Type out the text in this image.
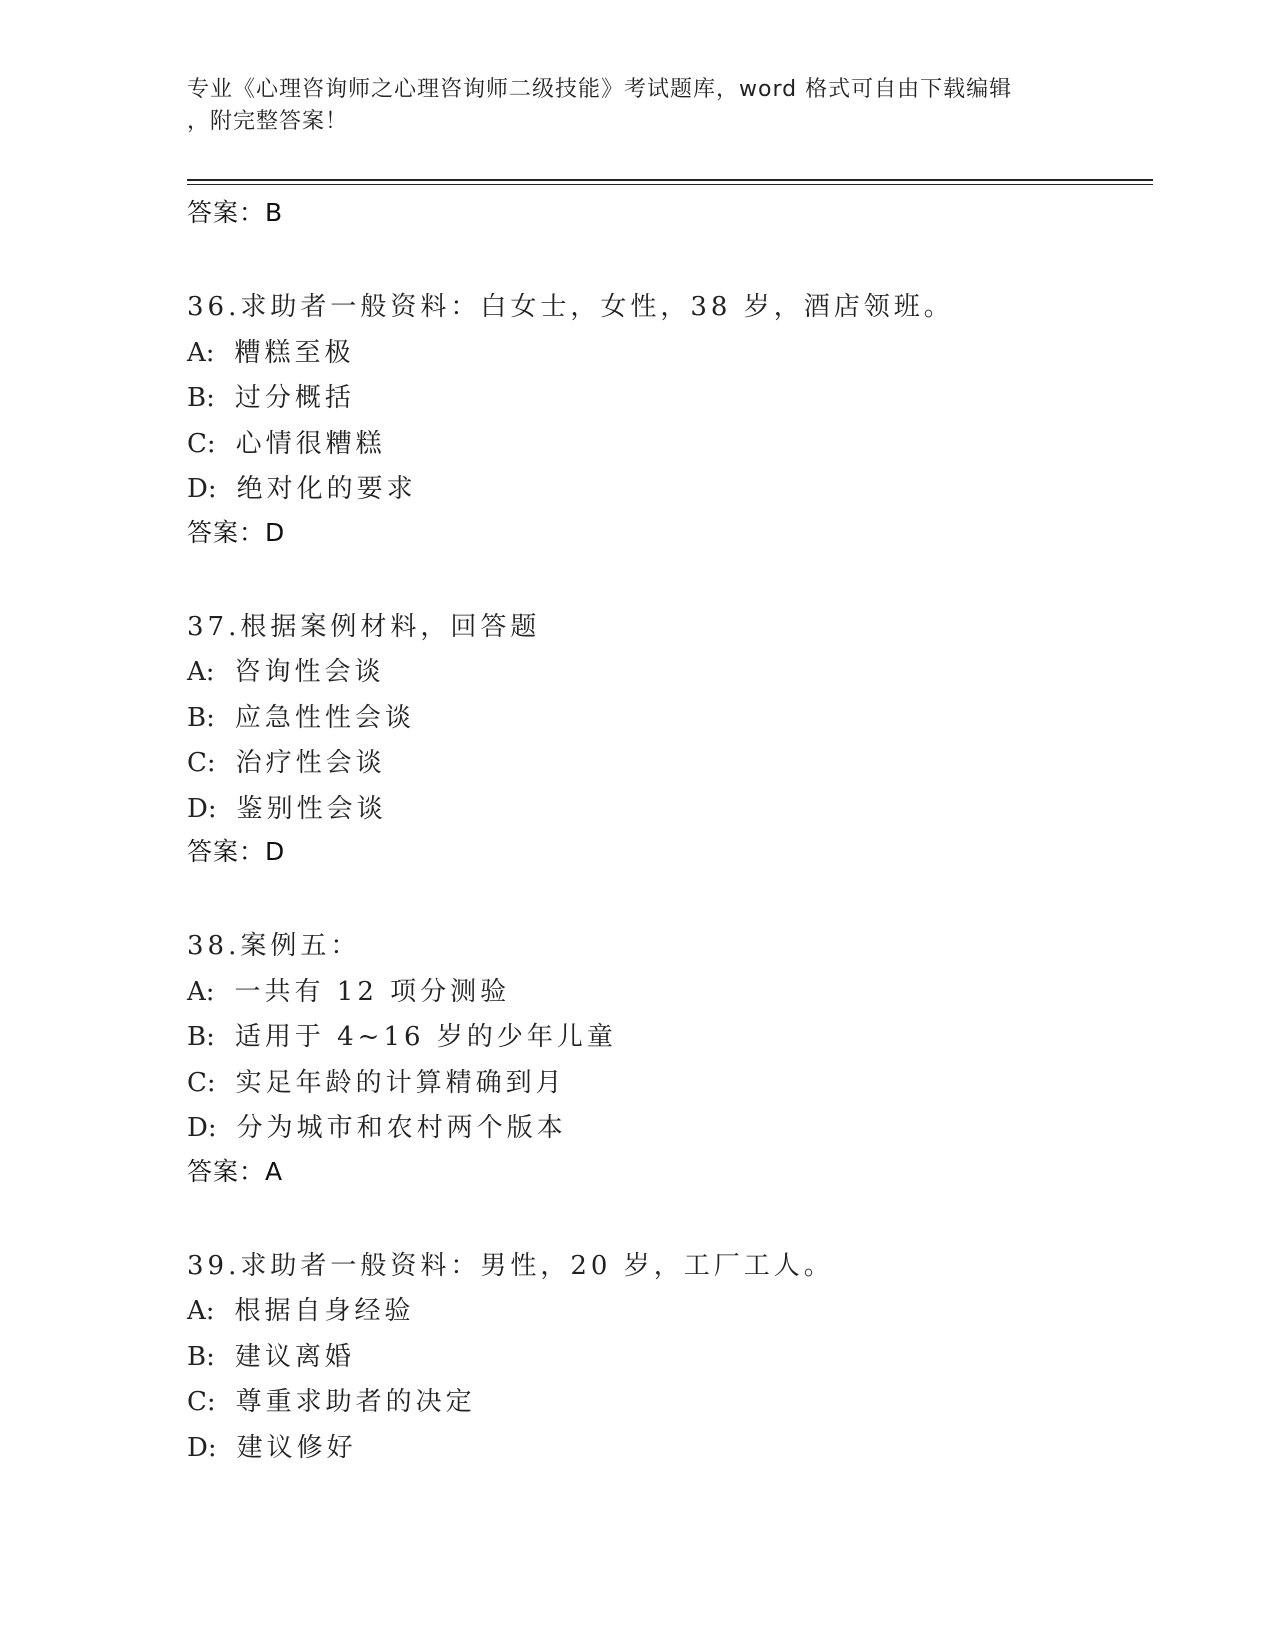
专业《心理咨询师之心理咨询师二级技能》考试题库，word 格式可自由下载编辑
，附完整答案！
答案：B
36.求助者一般资料：白女士，女性，38 岁，酒店领班。
A: 糟糕至极
B: 过分概括
C: 心情很糟糕
D: 绝对化的要求
答案：D
37.根据案例材料，回答题
A: 咨询性会谈
B: 应急性性会谈
C: 治疗性会谈
D: 鉴别性会谈
答案：D
38.案例五：
A: 一共有 12 项分测验
B: 适用于 4~16 岁的少年儿童
C: 实足年龄的计算精确到月
D: 分为城市和农村两个版本
答案：A
39.求助者一般资料：男性，20 岁，工厂工人。
A: 根据自身经验
B: 建议离婚
C: 尊重求助者的决定
D: 建议修好
